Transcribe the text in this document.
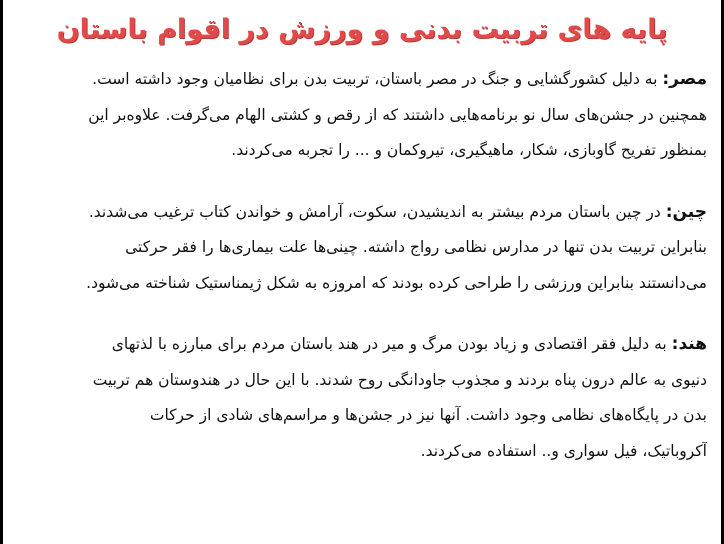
پایه های تربیت بدنی و ورزش در اقوام باستان

مصر: به دلیل کشورگشایی و جنگ در مصر باستان، تربیت بدن برای نظامیان وجود داشته است.
همچنین در جشن‌های سال نو برنامه‌هایی داشتند که از رقص و کشتی الهام می‌گرفت. علاوه‌بر این
بمنظور تفریح گاوبازی، شکار، ماهیگیری، تیروکمان و ... را تجربه می‌کردند.

چین: در چین باستان مردم بیشتر به اندیشیدن، سکوت، آرامش و خواندن کتاب ترغیب می‌شدند.
بنابراین تربیت بدن تنها در مدارس نظامی رواج داشته. چینی‌ها علت بیماری‌ها را فقر حرکتی
می‌دانستند بنابراین ورزشی را طراحی کرده بودند که امروزه به شکل ژیمناستیک شناخته می‌شود.

هند: به دلیل فقر اقتصادی و زیاد بودن مرگ و میر در هند باستان مردم برای مبارزه با لذتهای
دنیوی به عالم درون پناه بردند و مجذوب جاودانگی روح شدند. با این حال در هندوستان هم تربیت
بدن در پایگاه‌های نظامی وجود داشت. آنها نیز در جشن‌ها و مراسم‌های شادی از حرکات
آکروباتیک، فیل سواری و.. استفاده می‌کردند.
